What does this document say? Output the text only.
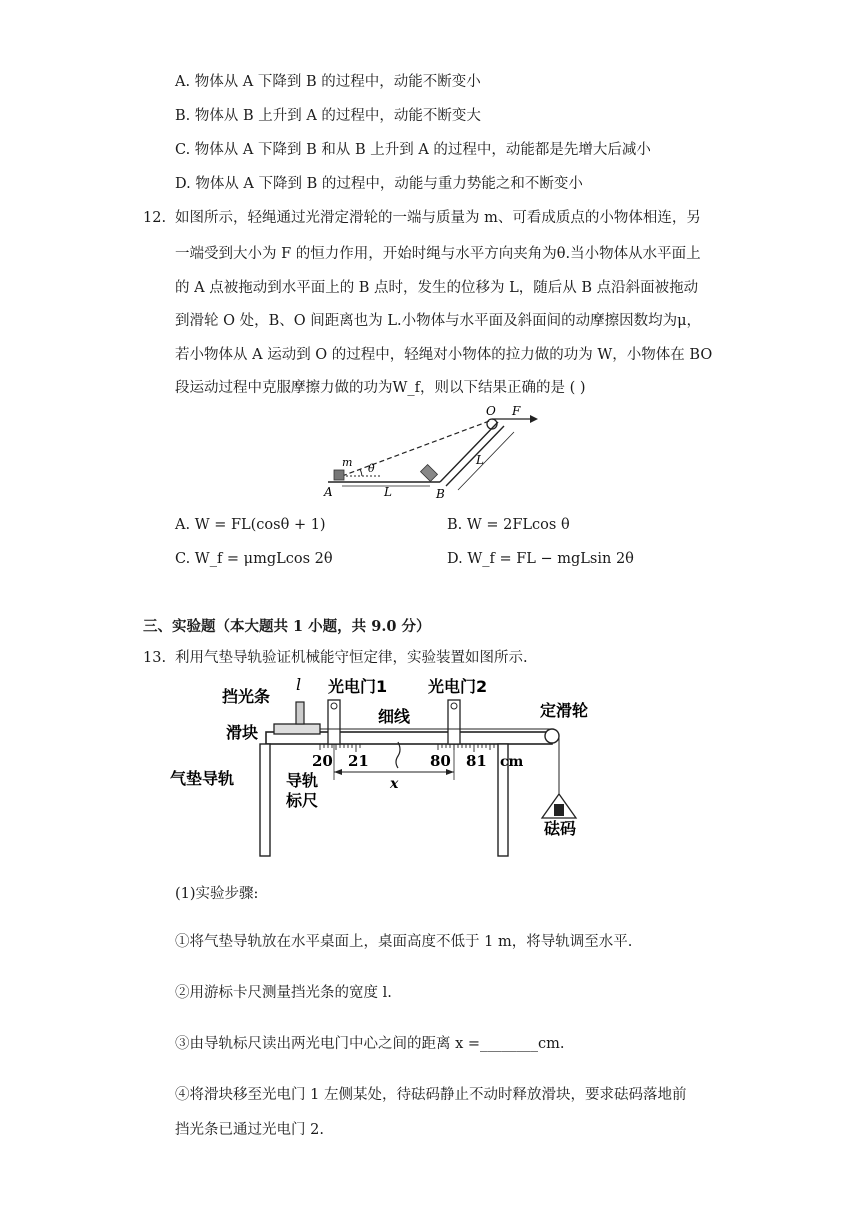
A. 物体从 A 下降到 B 的过程中，动能不断变小
B. 物体从 B 上升到 A 的过程中，动能不断变大
C. 物体从 A 下降到 B 和从 B 上升到 A 的过程中，动能都是先增大后减小
D. 物体从 A 下降到 B 的过程中，动能与重力势能之和不断变小
12. 如图所示，轻绳通过光滑定滑轮的一端与质量为 m、可看成质点的小物体相连，另
一端受到大小为 F 的恒力作用，开始时绳与水平方向夹角为θ.当小物体从水平面上
的 A 点被拖动到水平面上的 B 点时，发生的位移为 L，随后从 B 点沿斜面被拖动
到滑轮 O 处，B、O 间距离也为 L.小物体与水平面及斜面间的动摩擦因数均为μ，
若小物体从 A 运动到 O 的过程中，轻绳对小物体的拉力做的功为 W，小物体在 BO
段运动过程中克服摩擦力做的功为W_f，则以下结果正确的是 ( )
O F
m θ
L
L
A	B
A. W = FL(cosθ + 1)	B. W = 2FLcos θ
C. W_f = μmgLcos 2θ	D. W_f = FL − mgLsin 2θ
三、实验题（本大题共 1 小题，共 9.0 分）
13. 利用气垫导轨验证机械能守恒定律，实验装置如图所示.
挡光条
l 光电门1	光电门2
细线	定滑轮
滑块
气垫导轨	导轨
标尺
x
砝码
20 21	80 81 cm
(1)实验步骤:
①将气垫导轨放在水平桌面上，桌面高度不低于 1 m，将导轨调至水平.
②用游标卡尺测量挡光条的宽度 l.
③由导轨标尺读出两光电门中心之间的距离 x =________cm.
④将滑块移至光电门 1 左侧某处，待砝码静止不动时释放滑块，要求砝码落地前
挡光条已通过光电门 2.
